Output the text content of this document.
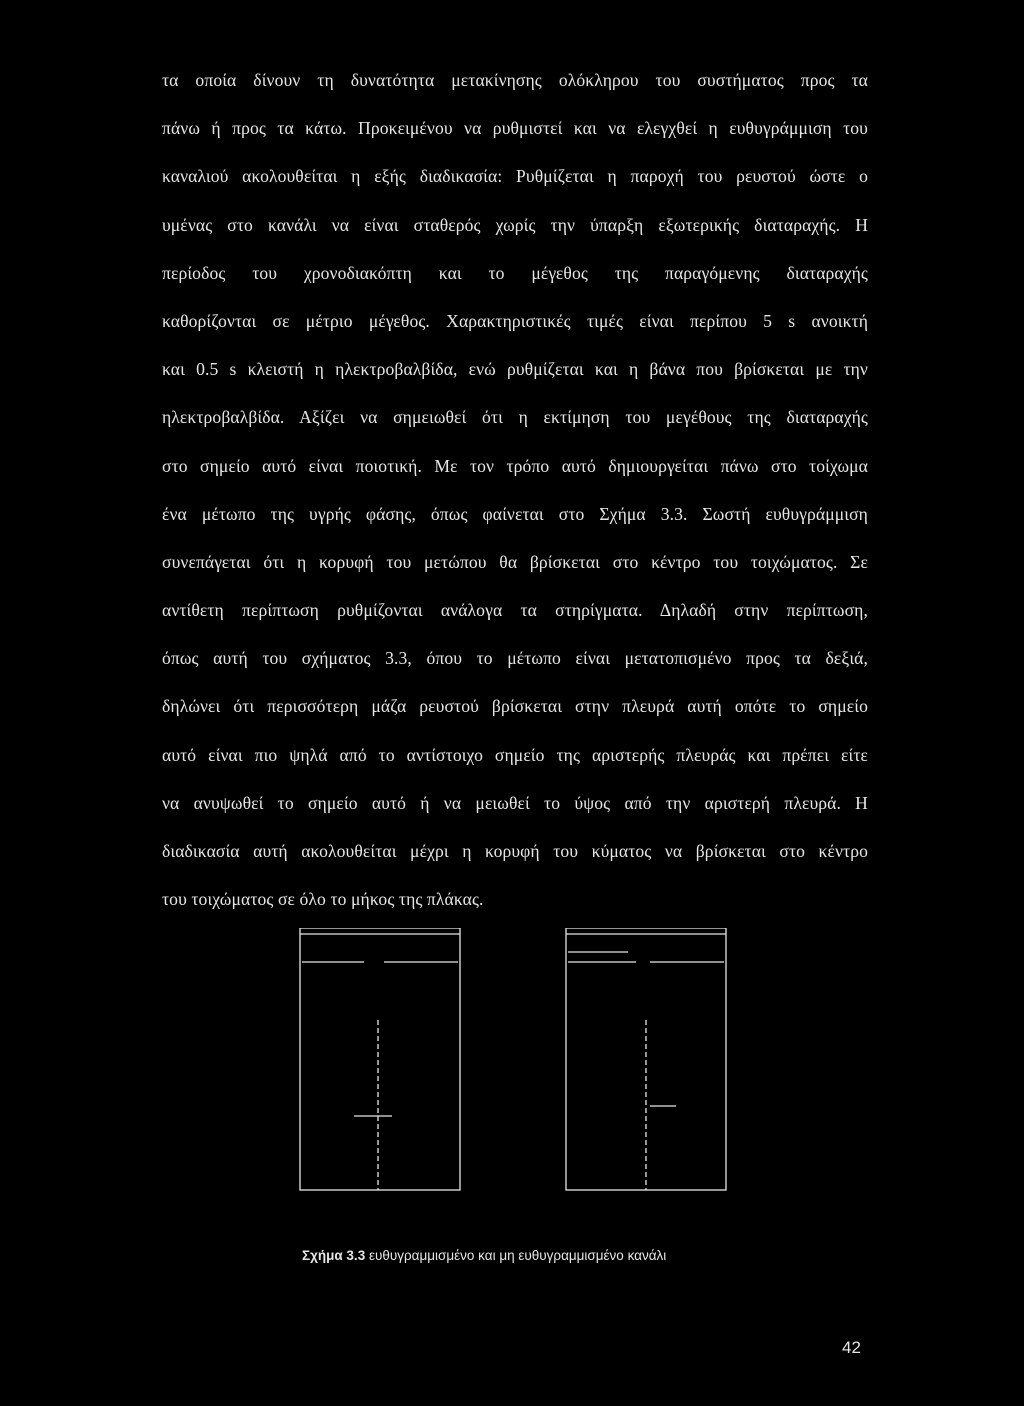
τα οποία δίνουν τη δυνατότητα μετακίνησης ολόκληρου του συστήματος προς τα
πάνω ή προς τα κάτω. Προκειμένου να ρυθμιστεί και να ελεγχθεί η ευθυγράμμιση του
καναλιού ακολουθείται η εξής διαδικασία: Ρυθμίζεται η παροχή του ρευστού ώστε ο
υμένας στο κανάλι να είναι σταθερός χωρίς την ύπαρξη εξωτερικής διαταραχής. Η
περίοδος του χρονοδιακόπτη και το μέγεθος της παραγόμενης διαταραχής
καθορίζονται σε μέτριο μέγεθος. Χαρακτηριστικές τιμές είναι περίπου 5 s ανοικτή
και 0.5 s κλειστή η ηλεκτροβαλβίδα, ενώ ρυθμίζεται και η βάνα που βρίσκεται με την
ηλεκτροβαλβίδα. Αξίζει να σημειωθεί ότι η εκτίμηση του μεγέθους της διαταραχής
στο σημείο αυτό είναι ποιοτική. Με τον τρόπο αυτό δημιουργείται πάνω στο τοίχωμα
ένα μέτωπο της υγρής φάσης, όπως φαίνεται στο Σχήμα 3.3. Σωστή ευθυγράμμιση
συνεπάγεται ότι η κορυφή του μετώπου θα βρίσκεται στο κέντρο του τοιχώματος. Σε
αντίθετη περίπτωση ρυθμίζονται ανάλογα τα στηρίγματα. Δηλαδή στην περίπτωση,
όπως αυτή του σχήματος 3.3, όπου το μέτωπο είναι μετατοπισμένο προς τα δεξιά,
δηλώνει ότι περισσότερη μάζα ρευστού βρίσκεται στην πλευρά αυτή οπότε το σημείο
αυτό είναι πιο ψηλά από το αντίστοιχο σημείο της αριστερής πλευράς και πρέπει είτε
να ανυψωθεί το σημείο αυτό ή να μειωθεί το ύψος από την αριστερή πλευρά. Η
διαδικασία αυτή ακολουθείται μέχρι η κορυφή του κύματος να βρίσκεται στο κέντρο
του τοιχώματος σε όλο το μήκος της πλάκας.
Σχήμα 3.3 ευθυγραμμισμένο και μη ευθυγραμμισμένο κανάλι
42
